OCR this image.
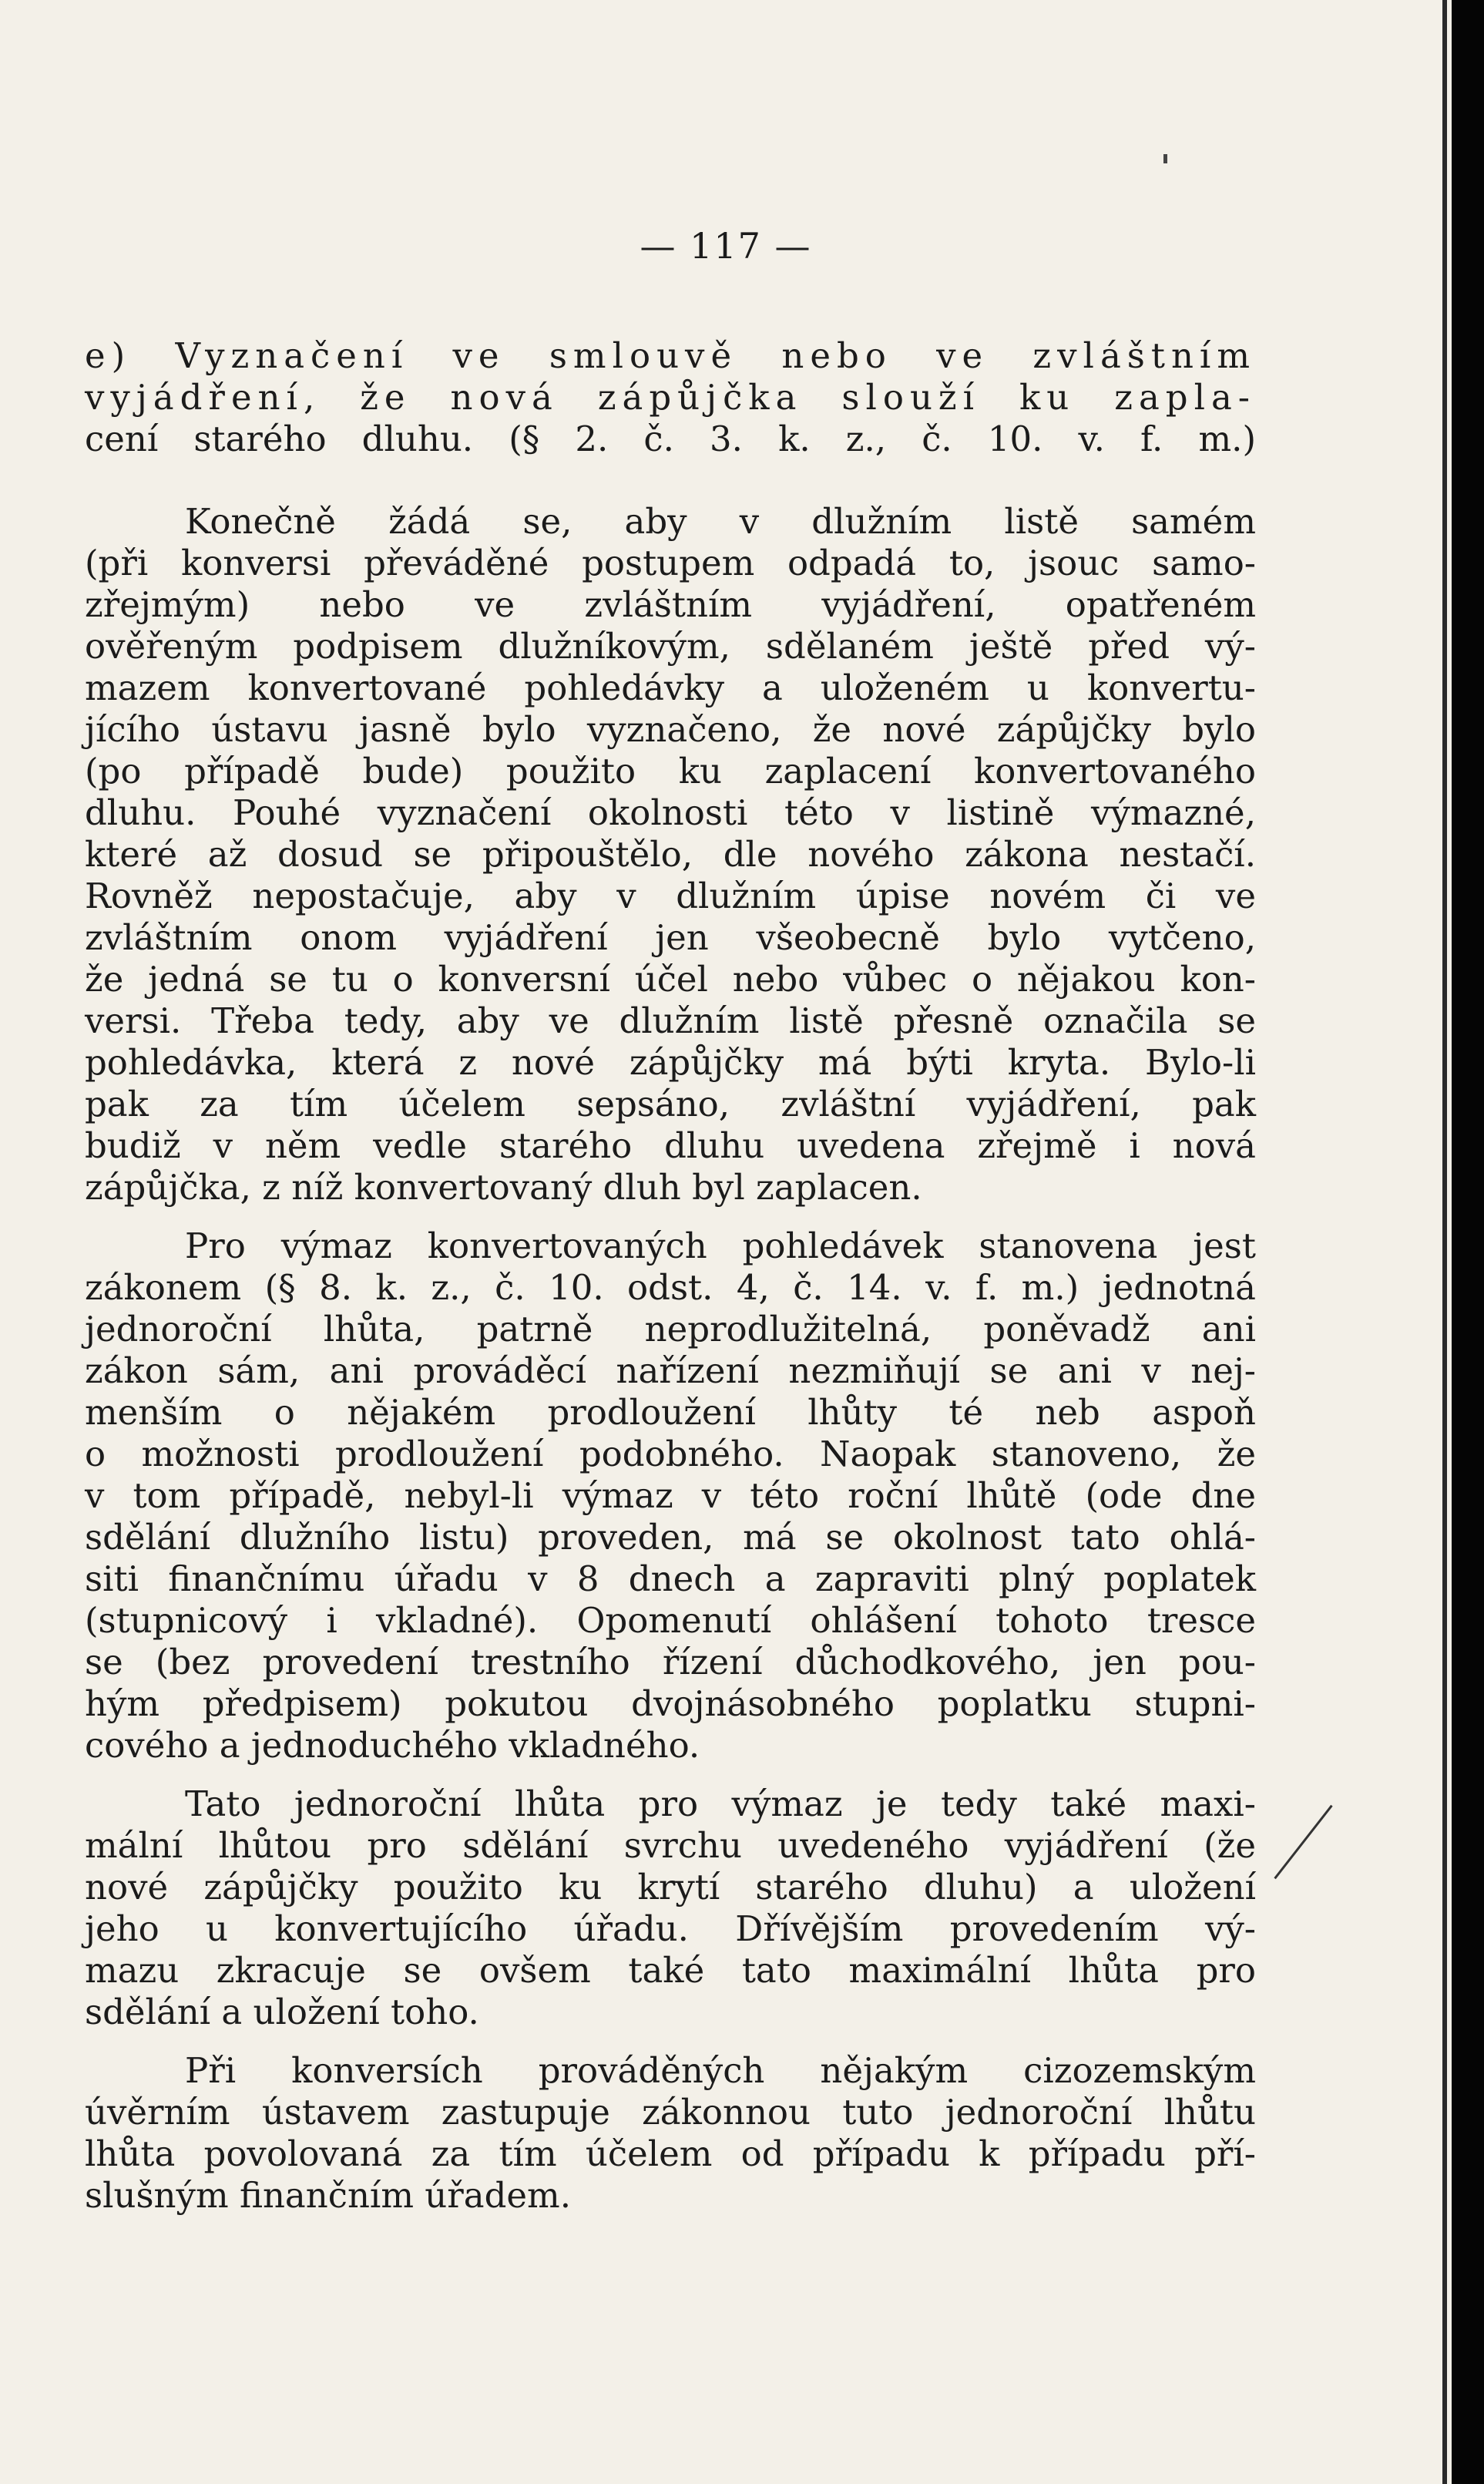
— 117 —
e) Vyznačení ve smlouvě nebo ve zvláštním
vyjádření, že nová zápůjčka slouží ku zapla-
cení starého dluhu. (§ 2. č. 3. k. z., č. 10. v. f. m.)
Konečně žádá se, aby v dlužním listě samém
(při konversi převáděné postupem odpadá to, jsouc samo-
zřejmým) nebo ve zvláštním vyjádření, opatřeném
ověřeným podpisem dlužníkovým, sdělaném ještě před vý-
mazem konvertované pohledávky a uloženém u konvertu-
jícího ústavu jasně bylo vyznačeno, že nové zápůjčky bylo
(po případě bude) použito ku zaplacení konvertovaného
dluhu. Pouhé vyznačení okolnosti této v listině výmazné,
které až dosud se připouštělo, dle nového zákona nestačí.
Rovněž nepostačuje, aby v dlužním úpise novém či ve
zvláštním onom vyjádření jen všeobecně bylo vytčeno,
že jedná se tu o konversní účel nebo vůbec o nějakou kon-
versi. Třeba tedy, aby ve dlužním listě přesně označila se
pohledávka, která z nové zápůjčky má býti kryta. Bylo-li
pak za tím účelem sepsáno, zvláštní vyjádření, pak
budiž v něm vedle starého dluhu uvedena zřejmě i nová
zápůjčka, z níž konvertovaný dluh byl zaplacen.
Pro výmaz konvertovaných pohledávek stanovena jest
zákonem (§ 8. k. z., č. 10. odst. 4, č. 14. v. f. m.) jednotná
jednoroční lhůta, patrně neprodlužitelná, poněvadž ani
zákon sám, ani prováděcí nařízení nezmiňují se ani v nej-
menším o nějakém prodloužení lhůty té neb aspoň
o možnosti prodloužení podobného. Naopak stanoveno, že
v tom případě, nebyl-li výmaz v této roční lhůtě (ode dne
sdělání dlužního listu) proveden, má se okolnost tato ohlá-
siti finančnímu úřadu v 8 dnech a zapraviti plný poplatek
(stupnicový i vkladné). Opomenutí ohlášení tohoto tresce
se (bez provedení trestního řízení důchodkového, jen pou-
hým předpisem) pokutou dvojnásobného poplatku stupni-
cového a jednoduchého vkladného.
Tato jednoroční lhůta pro výmaz je tedy také maxi-
mální lhůtou pro sdělání svrchu uvedeného vyjádření (že
nové zápůjčky použito ku krytí starého dluhu) a uložení
jeho u konvertujícího úřadu. Dřívějším provedením vý-
mazu zkracuje se ovšem také tato maximální lhůta pro
sdělání a uložení toho.
Při konversích prováděných nějakým cizozemským
úvěrním ústavem zastupuje zákonnou tuto jednoroční lhůtu
lhůta povolovaná za tím účelem od případu k případu pří-
slušným finančním úřadem.
